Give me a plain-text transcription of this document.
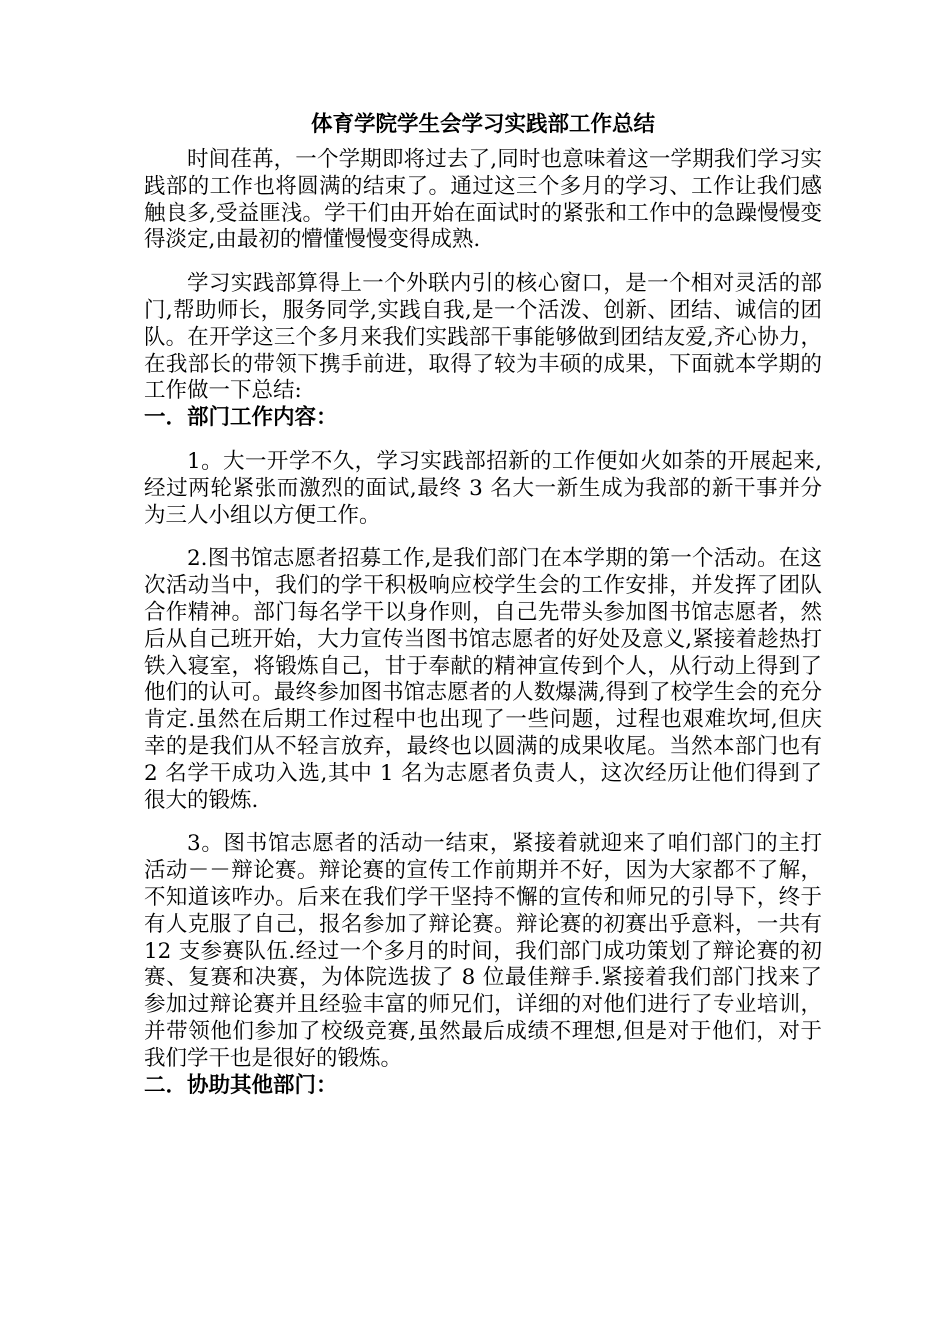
体育学院学生会学习实践部工作总结

时间荏苒，一个学期即将过去了,同时也意味着这一学期我们学习实践部的工作也将圆满的结束了。通过这三个多月的学习、工作让我们感触良多,受益匪浅。学干们由开始在面试时的紧张和工作中的急躁慢慢变得淡定,由最初的懵懂慢慢变得成熟.

学习实践部算得上一个外联内引的核心窗口，是一个相对灵活的部门,帮助师长，服务同学,实践自我,是一个活泼、创新、团结、诚信的团队。在开学这三个多月来我们实践部干事能够做到团结友爱,齐心协力，在我部长的带领下携手前进，取得了较为丰硕的成果，下面就本学期的工作做一下总结:

一．部门工作内容：

1。大一开学不久，学习实践部招新的工作便如火如荼的开展起来,经过两轮紧张而激烈的面试,最终 3 名大一新生成为我部的新干事并分为三人小组以方便工作。

2.图书馆志愿者招募工作,是我们部门在本学期的第一个活动。在这次活动当中，我们的学干积极响应校学生会的工作安排，并发挥了团队合作精神。部门每名学干以身作则，自己先带头参加图书馆志愿者，然后从自己班开始，大力宣传当图书馆志愿者的好处及意义,紧接着趁热打铁入寝室，将锻炼自己，甘于奉献的精神宣传到个人，从行动上得到了他们的认可。最终参加图书馆志愿者的人数爆满,得到了校学生会的充分肯定.虽然在后期工作过程中也出现了一些问题，过程也艰难坎坷,但庆幸的是我们从不轻言放弃，最终也以圆满的成果收尾。当然本部门也有 2 名学干成功入选,其中 1 名为志愿者负责人，这次经历让他们得到了很大的锻炼.

3。图书馆志愿者的活动一结束，紧接着就迎来了咱们部门的主打活动－－辩论赛。辩论赛的宣传工作前期并不好，因为大家都不了解，不知道该咋办。后来在我们学干坚持不懈的宣传和师兄的引导下，终于有人克服了自己，报名参加了辩论赛。辩论赛的初赛出乎意料，一共有 12 支参赛队伍.经过一个多月的时间，我们部门成功策划了辩论赛的初赛、复赛和决赛，为体院选拔了 8 位最佳辩手.紧接着我们部门找来了参加过辩论赛并且经验丰富的师兄们，详细的对他们进行了专业培训，并带领他们参加了校级竞赛,虽然最后成绩不理想,但是对于他们，对于我们学干也是很好的锻炼。

二．协助其他部门：
